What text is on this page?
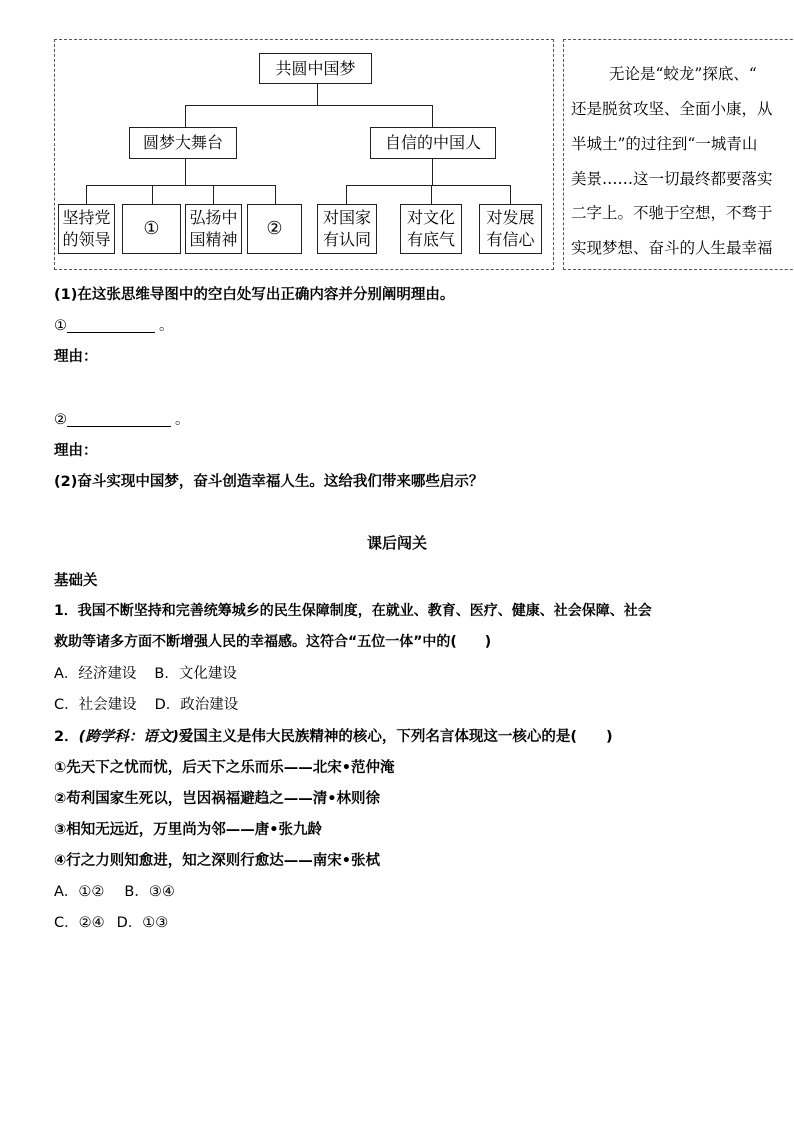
共圆中国梦
圆梦大舞台	自信的中国人
坚持党
的领导
①
弘扬中
国精神
②
对国家
有认同
对文化
有底气
对发展
有信心
无论是“蛟龙”探底、“
还是脱贫攻坚、全面小康，从
半城土”的过往到“一城青山
美景……这一切最终都要落实
二字上。不驰于空想，不骛于
实现梦想、奋斗的人生最幸福
(1)在这张思维导图中的空白处写出正确内容并分别阐明理由。
①	。
理由：
②	。
理由：
(2)奋斗实现中国梦，奋斗创造幸福人生。这给我们带来哪些启示？
课后闯关
基础关
1．我国不断坚持和完善统筹城乡的民生保障制度，在就业、教育、医疗、健康、社会保障、社会
救助等诸多方面不断增强人民的幸福感。这符合“五位一体”中的(　　)
A．经济建设 B．文化建设
C．社会建设 D．政治建设
2．(跨学科：语文)爱国主义是伟大民族精神的核心，下列名言体现这一核心的是(　　)
①先天下之忧而忧，后天下之乐而乐——北宋•范仲淹
②苟利国家生死以，岂因祸福避趋之——清•林则徐
③相知无远近，万里尚为邻——唐•张九龄
④行之力则知愈进，知之深则行愈达——南宋•张栻
A．①② B．③④
C．②④ D．①③
